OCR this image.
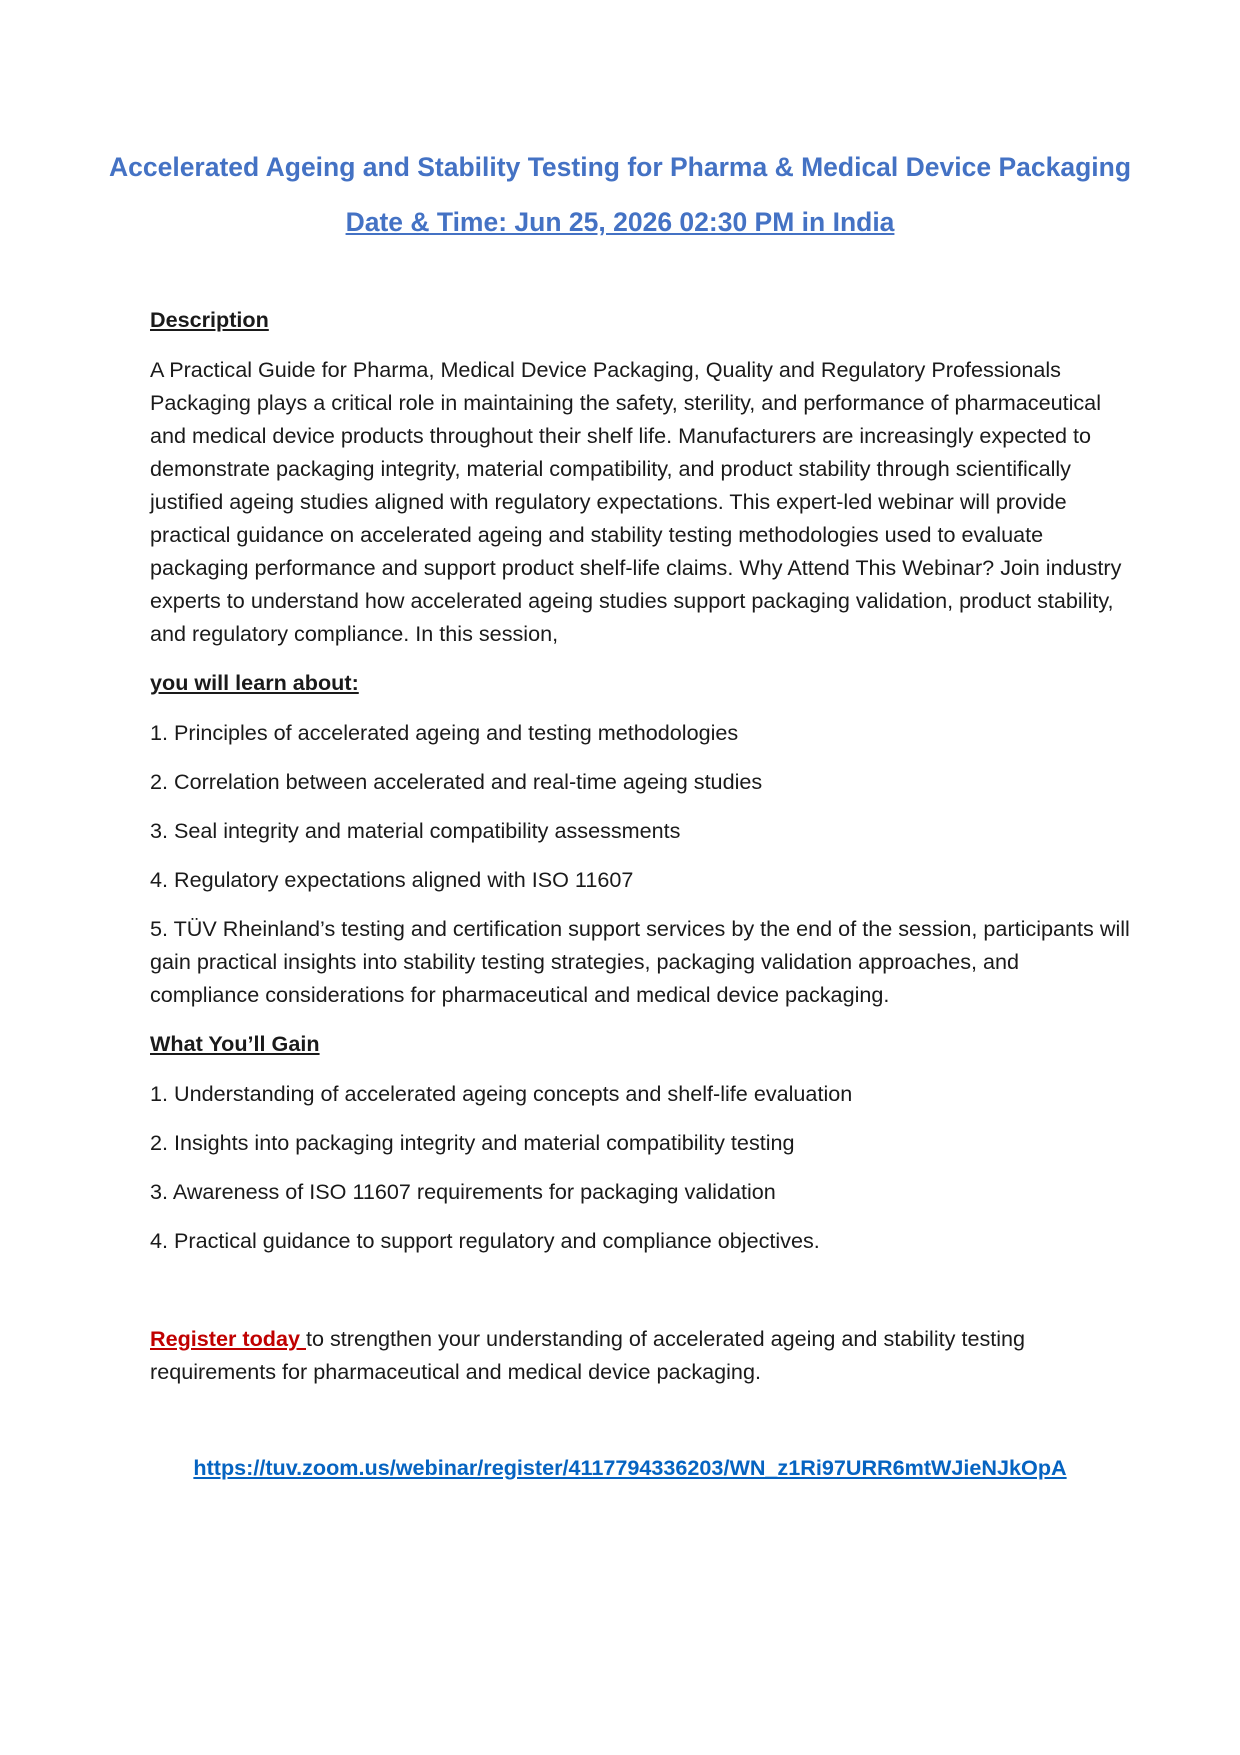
Accelerated Ageing and Stability Testing for Pharma & Medical Device Packaging

Date & Time: Jun 25, 2026 02:30 PM in India

Description

A Practical Guide for Pharma, Medical Device Packaging, Quality and Regulatory Professionals Packaging plays a critical role in maintaining the safety, sterility, and performance of pharmaceutical and medical device products throughout their shelf life. Manufacturers are increasingly expected to demonstrate packaging integrity, material compatibility, and product stability through scientifically justified ageing studies aligned with regulatory expectations. This expert-led webinar will provide practical guidance on accelerated ageing and stability testing methodologies used to evaluate packaging performance and support product shelf-life claims. Why Attend This Webinar? Join industry experts to understand how accelerated ageing studies support packaging validation, product stability, and regulatory compliance. In this session,

you will learn about:

1. Principles of accelerated ageing and testing methodologies

2. Correlation between accelerated and real-time ageing studies

3. Seal integrity and material compatibility assessments

4. Regulatory expectations aligned with ISO 11607

5. TÜV Rheinland’s testing and certification support services by the end of the session, participants will gain practical insights into stability testing strategies, packaging validation approaches, and compliance considerations for pharmaceutical and medical device packaging.

What You’ll Gain

1. Understanding of accelerated ageing concepts and shelf-life evaluation

2. Insights into packaging integrity and material compatibility testing

3. Awareness of ISO 11607 requirements for packaging validation

4. Practical guidance to support regulatory and compliance objectives.

Register today to strengthen your understanding of accelerated ageing and stability testing requirements for pharmaceutical and medical device packaging.

https://tuv.zoom.us/webinar/register/4117794336203/WN_z1Ri97URR6mtWJieNJkOpA
